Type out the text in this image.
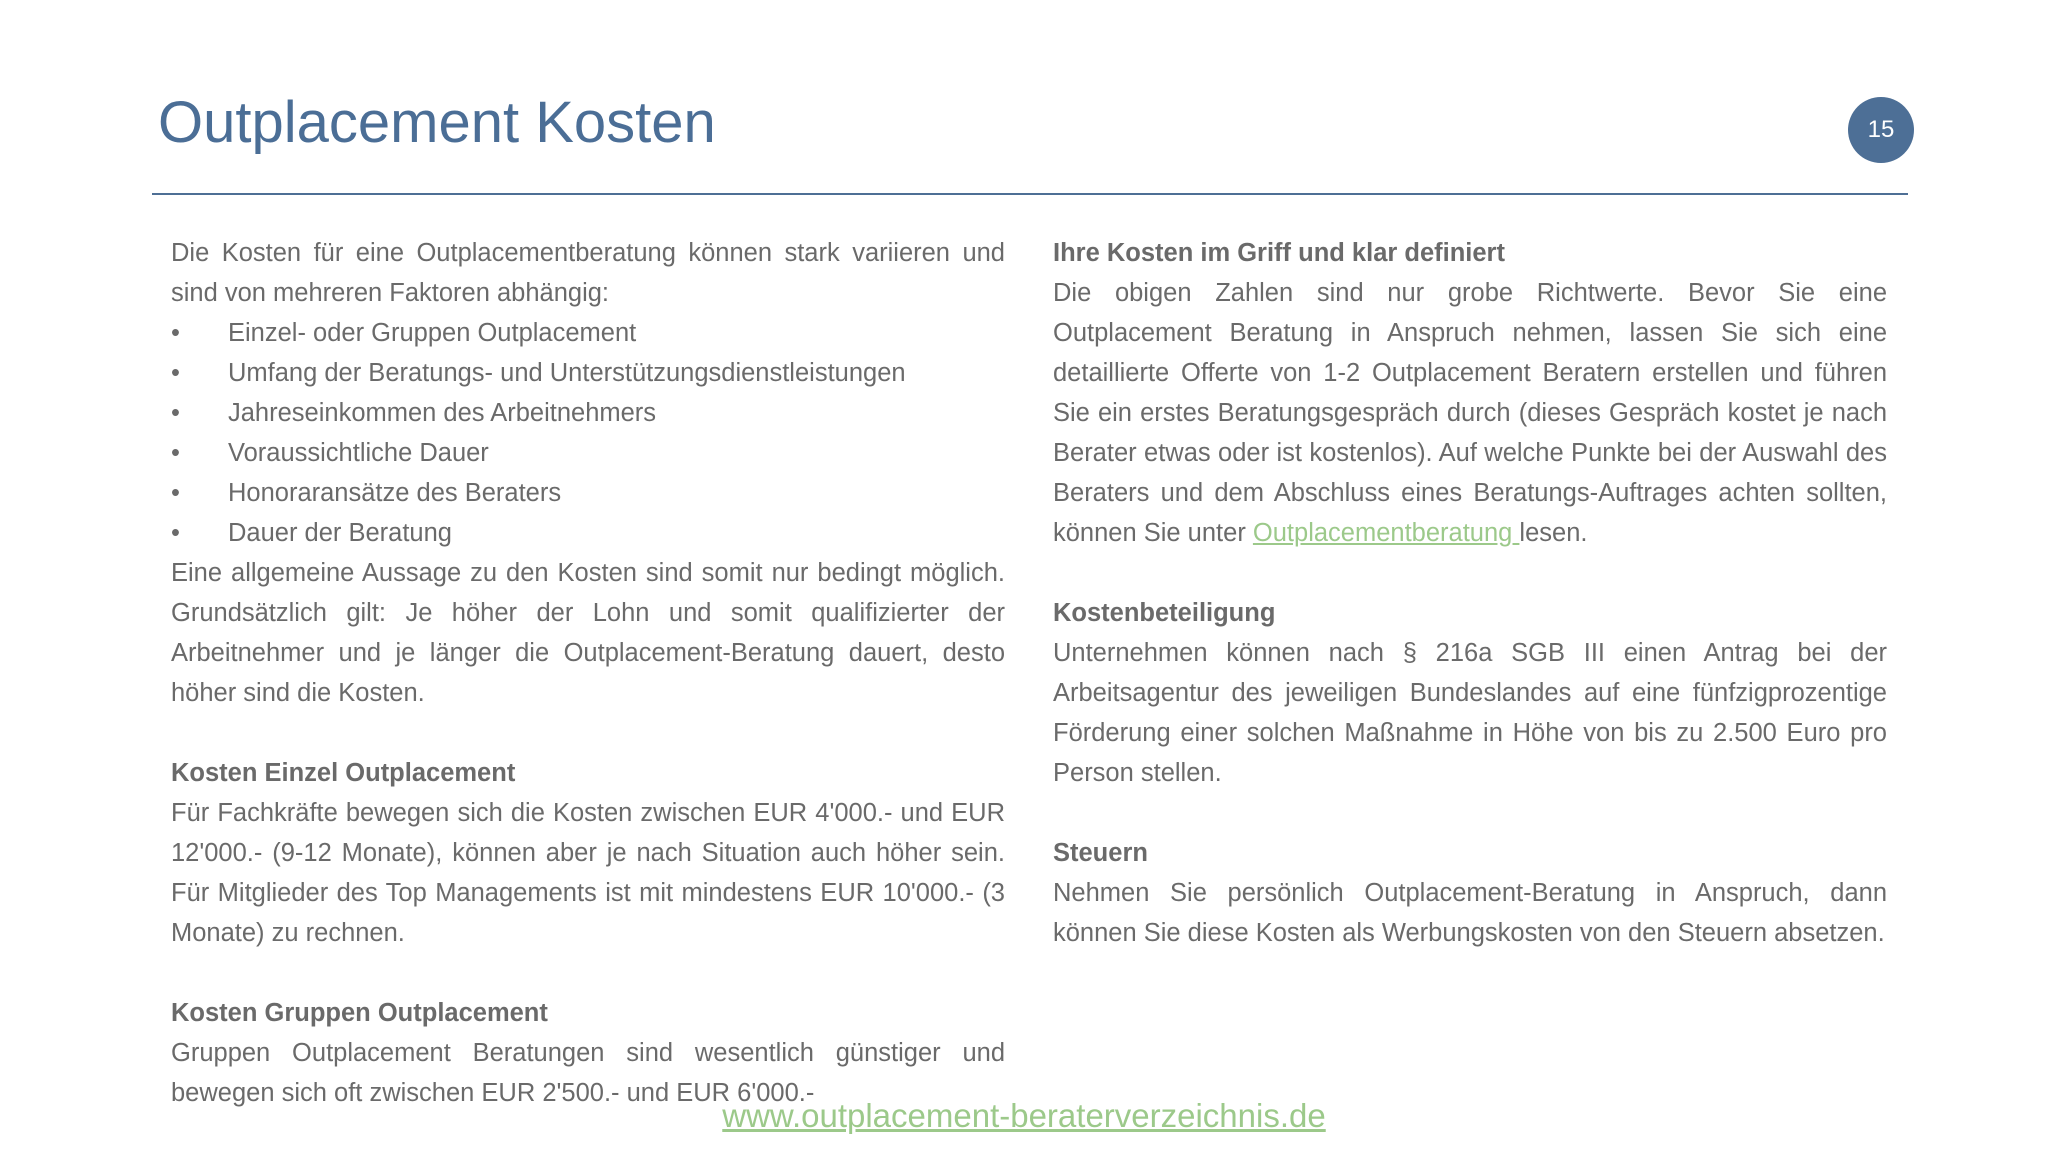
Outplacement Kosten	15

Die Kosten für eine Outplacementberatung können stark variieren und sind von mehreren Faktoren abhängig:

• Einzel- oder Gruppen Outplacement
• Umfang der Beratungs- und Unterstützungsdienstleistungen
• Jahreseinkommen des Arbeitnehmers
• Voraussichtliche Dauer
• Honoraransätze des Beraters
• Dauer der Beratung

Eine allgemeine Aussage zu den Kosten sind somit nur bedingt möglich. Grundsätzlich gilt: Je höher der Lohn und somit qualifizierter der Arbeitnehmer und je länger die Outplacement-Beratung dauert, desto höher sind die Kosten.

Kosten Einzel Outplacement

Für Fachkräfte bewegen sich die Kosten zwischen EUR 4'000.- und EUR 12'000.- (9-12 Monate), können aber je nach Situation auch höher sein. Für Mitglieder des Top Managements ist mit mindestens EUR 10'000.- (3 Monate) zu rechnen.

Kosten Gruppen Outplacement

Gruppen Outplacement Beratungen sind wesentlich günstiger und bewegen sich oft zwischen EUR 2'500.- und EUR 6'000.-

Ihre Kosten im Griff und klar definiert

Die obigen Zahlen sind nur grobe Richtwerte. Bevor Sie eine Outplacement Beratung in Anspruch nehmen, lassen Sie sich eine detaillierte Offerte von 1-2 Outplacement Beratern erstellen und führen Sie ein erstes Beratungsgespräch durch (dieses Gespräch kostet je nach Berater etwas oder ist kostenlos). Auf welche Punkte bei der Auswahl des Beraters und dem Abschluss eines Beratungs-Auftrages achten sollten, können Sie unter Outplacementberatung lesen.

Kostenbeteiligung

Unternehmen können nach § 216a SGB III einen Antrag bei der Arbeitsagentur des jeweiligen Bundeslandes auf eine fünfzigprozentige Förderung einer solchen Maßnahme in Höhe von bis zu 2.500 Euro pro Person stellen.

Steuern

Nehmen Sie persönlich Outplacement-Beratung in Anspruch, dann können Sie diese Kosten als Werbungskosten von den Steuern absetzen.

www.outplacement-beraterverzeichnis.de
